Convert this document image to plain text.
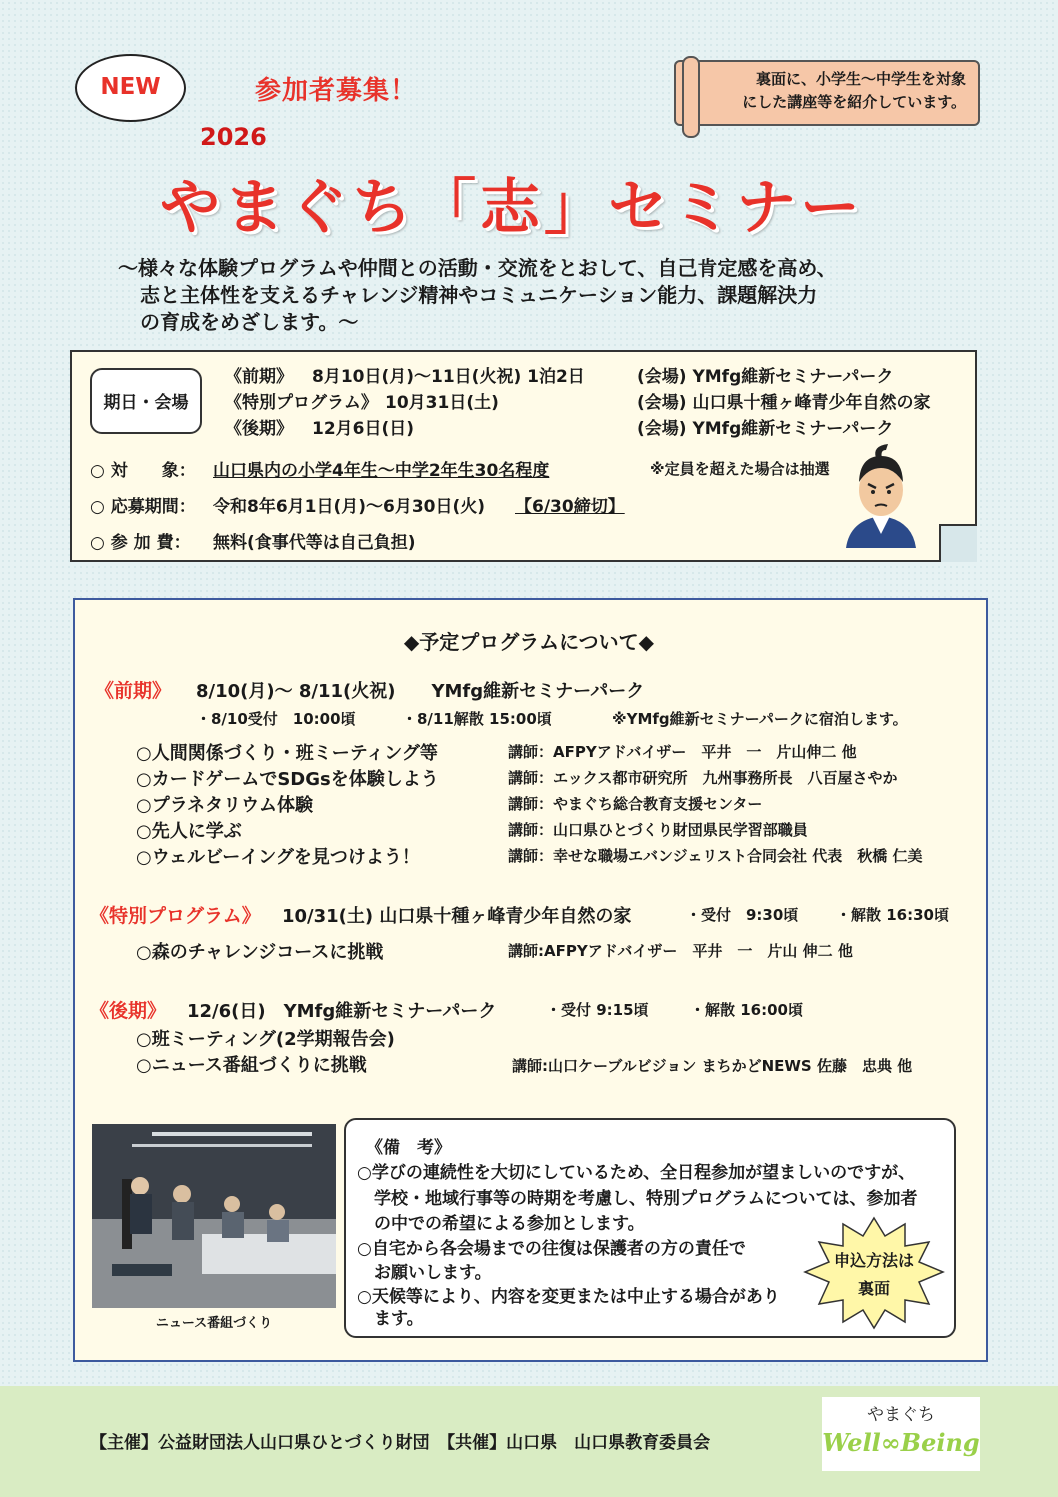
NEW	参加者募集！	裏面に、小学生～中学生を対象
にした講座等を紹介しています。
2026
やまぐち「志」セミナー
～様々な体験プログラムや仲間との活動・交流をとおして、自己肯定感を高め、
志と主体性を支えるチャレンジ精神やコミュニケーション能力、課題解決力
の育成をめざします。～
期日・会場
《前期》 8月10日(月)～11日(火祝) 1泊2日	(会場) YMfg維新セミナーパーク
《特別プログラム》 10月31日(土)	(会場) 山口県十種ヶ峰青少年自然の家
《後期》 12月6日(日)	(会場) YMfg維新セミナーパーク
○ 対　　象： 山口県内の小学4年生～中学2年生30名程度	※定員を超えた場合は抽選
○ 応募期間： 令和8年6月1日(月)～6月30日(火) 【6/30締切】
○ 参 加 費： 無料(食事代等は自己負担)
◆予定プログラムについて◆
《前期》 8/10(月)～ 8/11(火祝)　　YMfg維新セミナーパーク
・8/10受付　10:00頃	・8/11解散 15:00頃	※YMfg維新セミナーパークに宿泊します。
○人間関係づくり・班ミーティング等	講師：AFPYアドバイザー　平井　一　片山伸二 他
○カードゲームでSDGsを体験しよう	講師：エックス都市研究所　九州事務所長　八百屋さやか
○プラネタリウム体験	講師：やまぐち総合教育支援センター
○先人に学ぶ	講師：山口県ひとづくり財団県民学習部職員
○ウェルビーイングを見つけよう！	講師：幸せな職場エバンジェリスト合同会社 代表　秋橋 仁美
《特別プログラム》 10/31(土) 山口県十種ヶ峰青少年自然の家	・受付　9:30頃	・解散 16:30頃
○森のチャレンジコースに挑戦	講師:AFPYアドバイザー　平井　一　片山 伸二 他
《後期》 12/6(日)　YMfg維新セミナーパーク	・受付 9:15頃	・解散 16:00頃
○班ミーティング(2学期報告会)
○ニュース番組づくりに挑戦	講師:山口ケーブルビジョン まちかどNEWS 佐藤　忠典 他
ニュース番組づくり
《備　考》
○学びの連続性を大切にしているため、全日程参加が望ましいのですが、
　学校・地域行事等の時期を考慮し、特別プログラムについては、参加者
　の中での希望による参加とします。
○自宅から各会場までの往復は保護者の方の責任で
　お願いします。
○天候等により、内容を変更または中止する場合があり
　ます。
申込方法は
裏面
【主催】公益財団法人山口県ひとづくり財団　【共催】山口県　山口県教育委員会
やまぐち
Well∞Being
